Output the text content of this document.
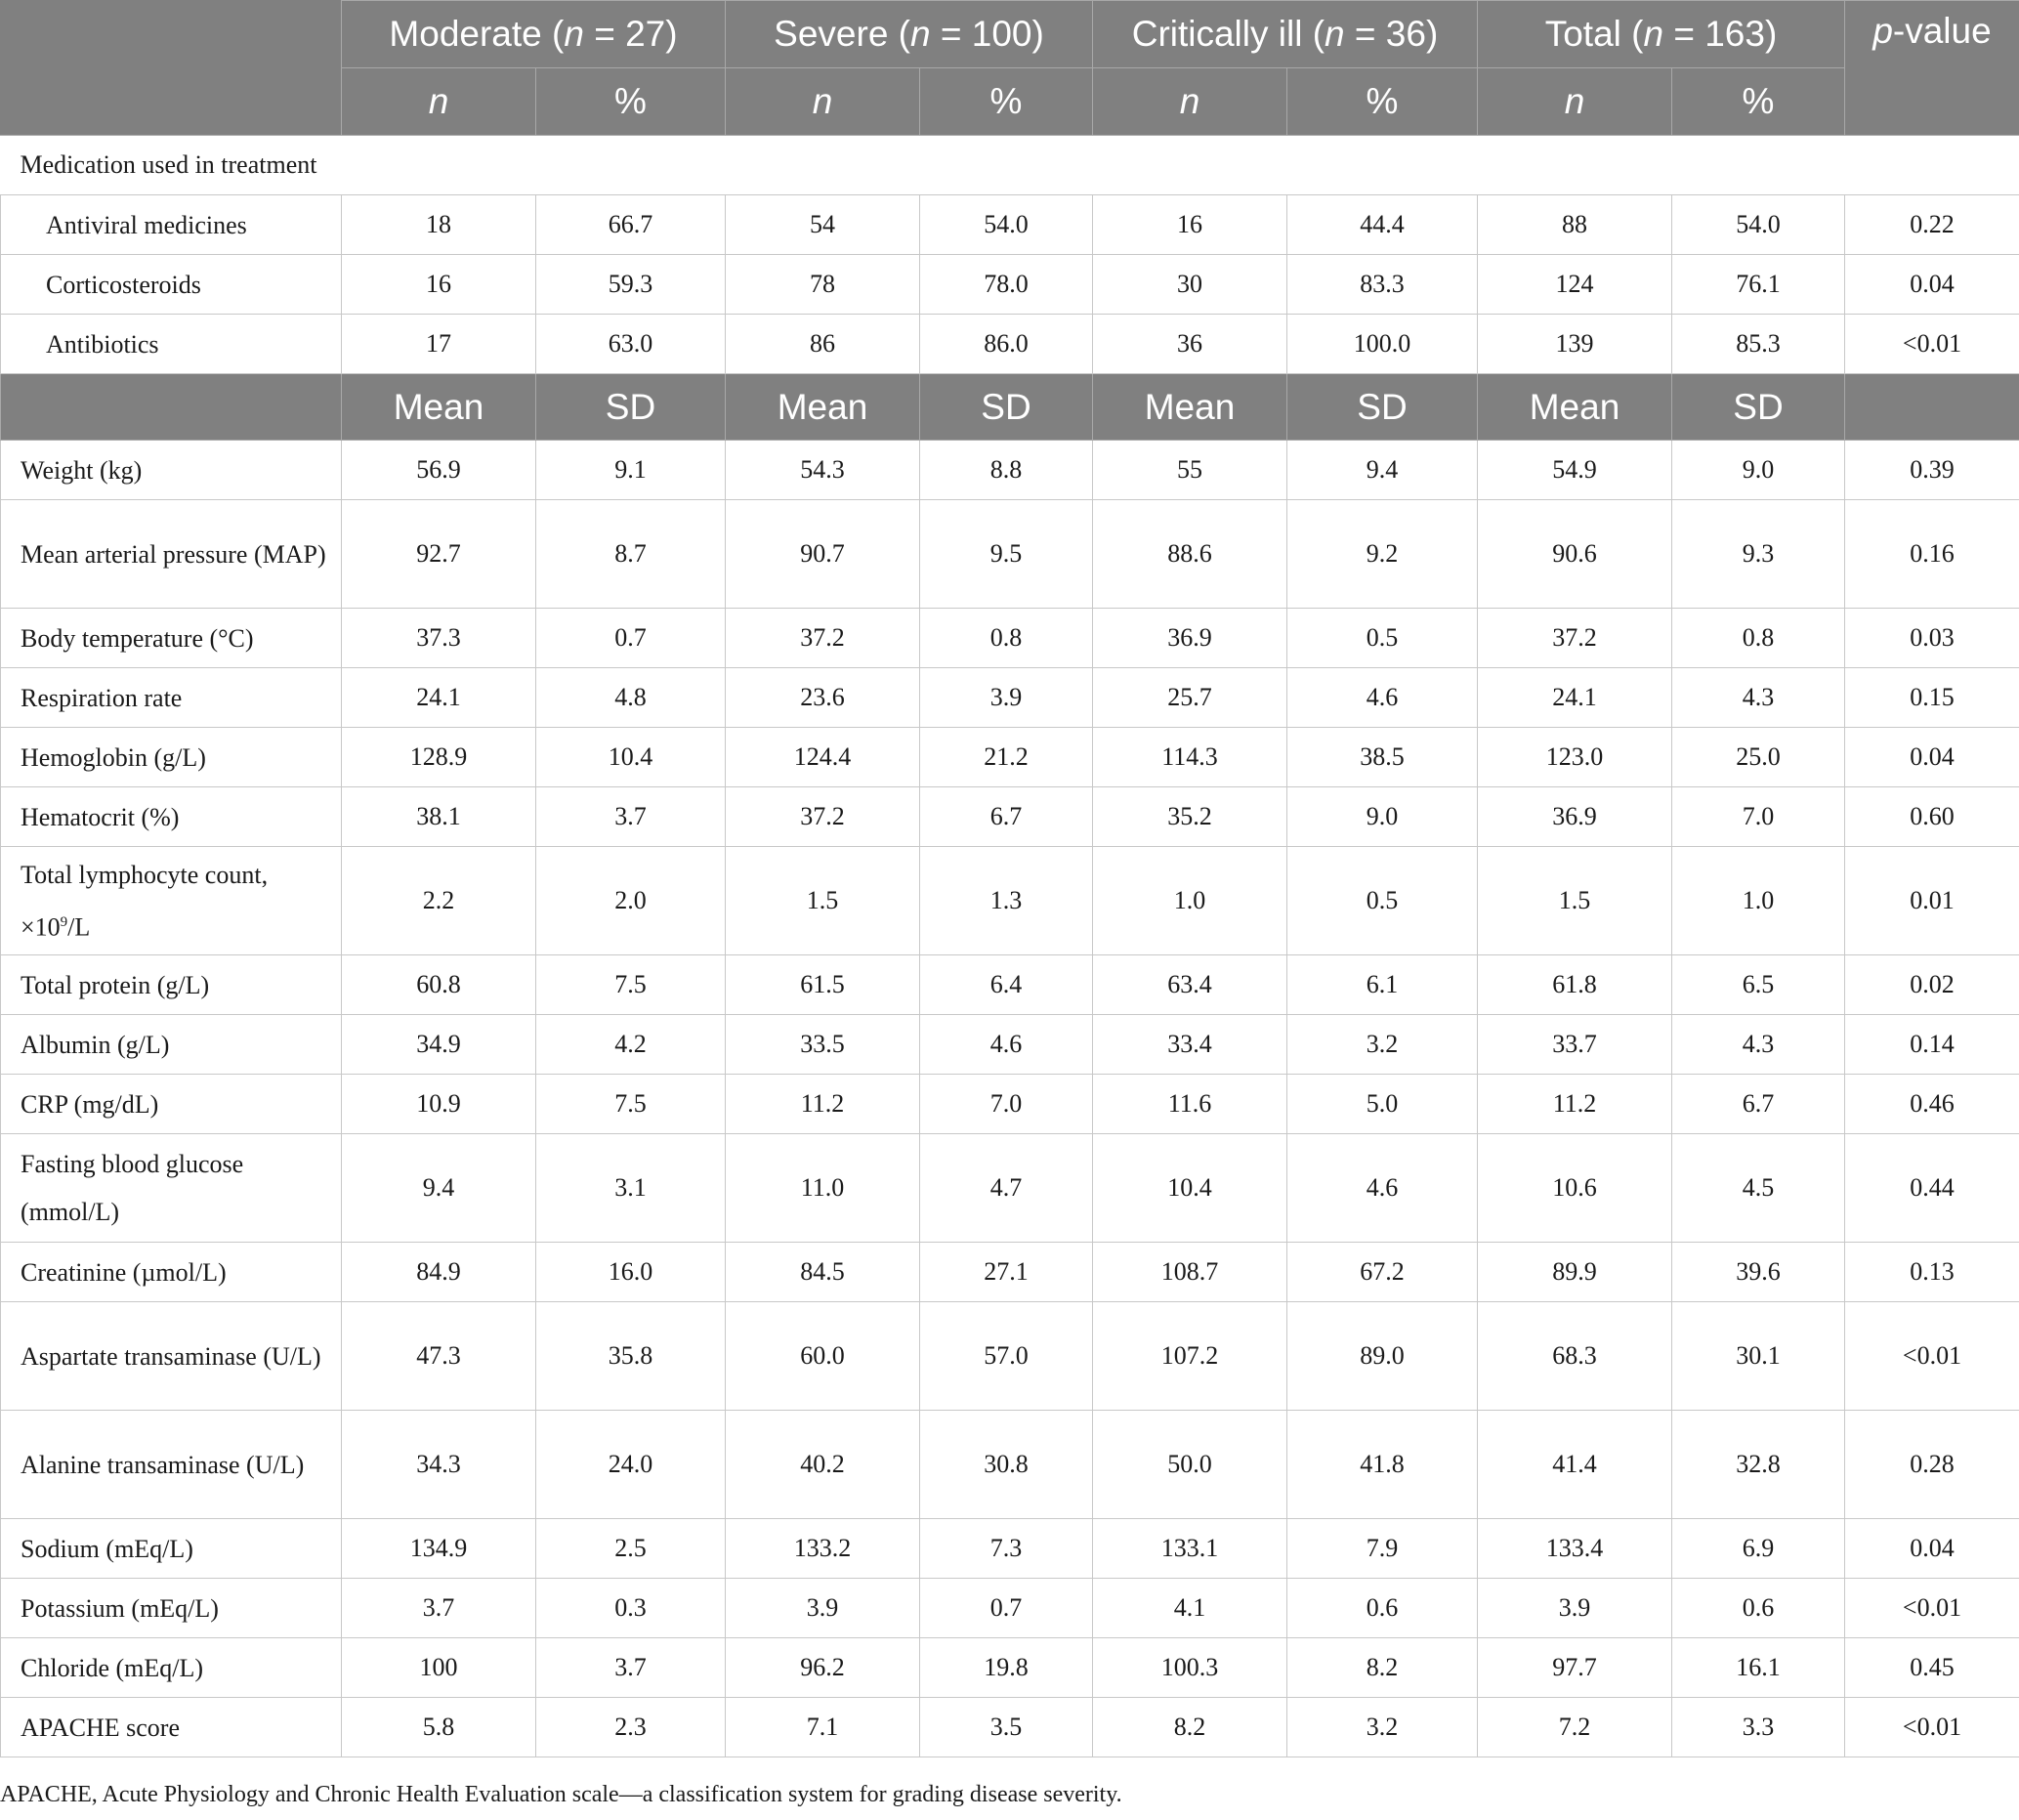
	Moderate (n = 27)		Severe (n = 100)		Critically ill (n = 36)		Total (n = 163)		p-value
	n	%	n	%	n	%	n	%	
Medication used in treatment									
Antiviral medicines	18	66.7	54	54.0	16	44.4	88	54.0	0.22
Corticosteroids	16	59.3	78	78.0	30	83.3	124	76.1	0.04
Antibiotics	17	63.0	86	86.0	36	100.0	139	85.3	<0.01
	Mean	SD	Mean	SD	Mean	SD	Mean	SD	
Weight (kg)	56.9	9.1	54.3	8.8	55	9.4	54.9	9.0	0.39
Mean arterial pressure (MAP)	92.7	8.7	90.7	9.5	88.6	9.2	90.6	9.3	0.16
Body temperature (°C)	37.3	0.7	37.2	0.8	36.9	0.5	37.2	0.8	0.03
Respiration rate	24.1	4.8	23.6	3.9	25.7	4.6	24.1	4.3	0.15
Hemoglobin (g/L)	128.9	10.4	124.4	21.2	114.3	38.5	123.0	25.0	0.04
Hematocrit (%)	38.1	3.7	37.2	6.7	35.2	9.0	36.9	7.0	0.60
Total lymphocyte count, $\times 10^9/L$	2.2	2.0	1.5	1.3	1.0	0.5	1.5	1.0	0.01
Total protein (g/L)	60.8	7.5	61.5	6.4	63.4	6.1	61.8	6.5	0.02
Albumin (g/L)	34.9	4.2	33.5	4.6	33.4	3.2	33.7	4.3	0.14
CRP (mg/dL)	10.9	7.5	11.2	7.0	11.6	5.0	11.2	6.7	0.46
Fasting blood glucose (mmol/L)	9.4	3.1	11.0	4.7	10.4	4.6	10.6	4.5	0.44
Creatinine (µmol/L)	84.9	16.0	84.5	27.1	108.7	67.2	89.9	39.6	0.13
Aspartate transaminase (U/L)	47.3	35.8	60.0	57.0	107.2	89.0	68.3	30.1	<0.01
Alanine transaminase (U/L)	34.3	24.0	40.2	30.8	50.0	41.8	41.4	32.8	0.28
Sodium (mEq/L)	134.9	2.5	133.2	7.3	133.1	7.9	133.4	6.9	0.04
Potassium (mEq/L)	3.7	0.3	3.9	0.7	4.1	0.6	3.9	0.6	<0.01
Chloride (mEq/L)	100	3.7	96.2	19.8	100.3	8.2	97.7	16.1	0.45
APACHE score	5.8	2.3	7.1	3.5	8.2	3.2	7.2	3.3	<0.01
APACHE, Acute Physiology and Chronic Health Evaluation scale—a classification system for grading disease severity.
